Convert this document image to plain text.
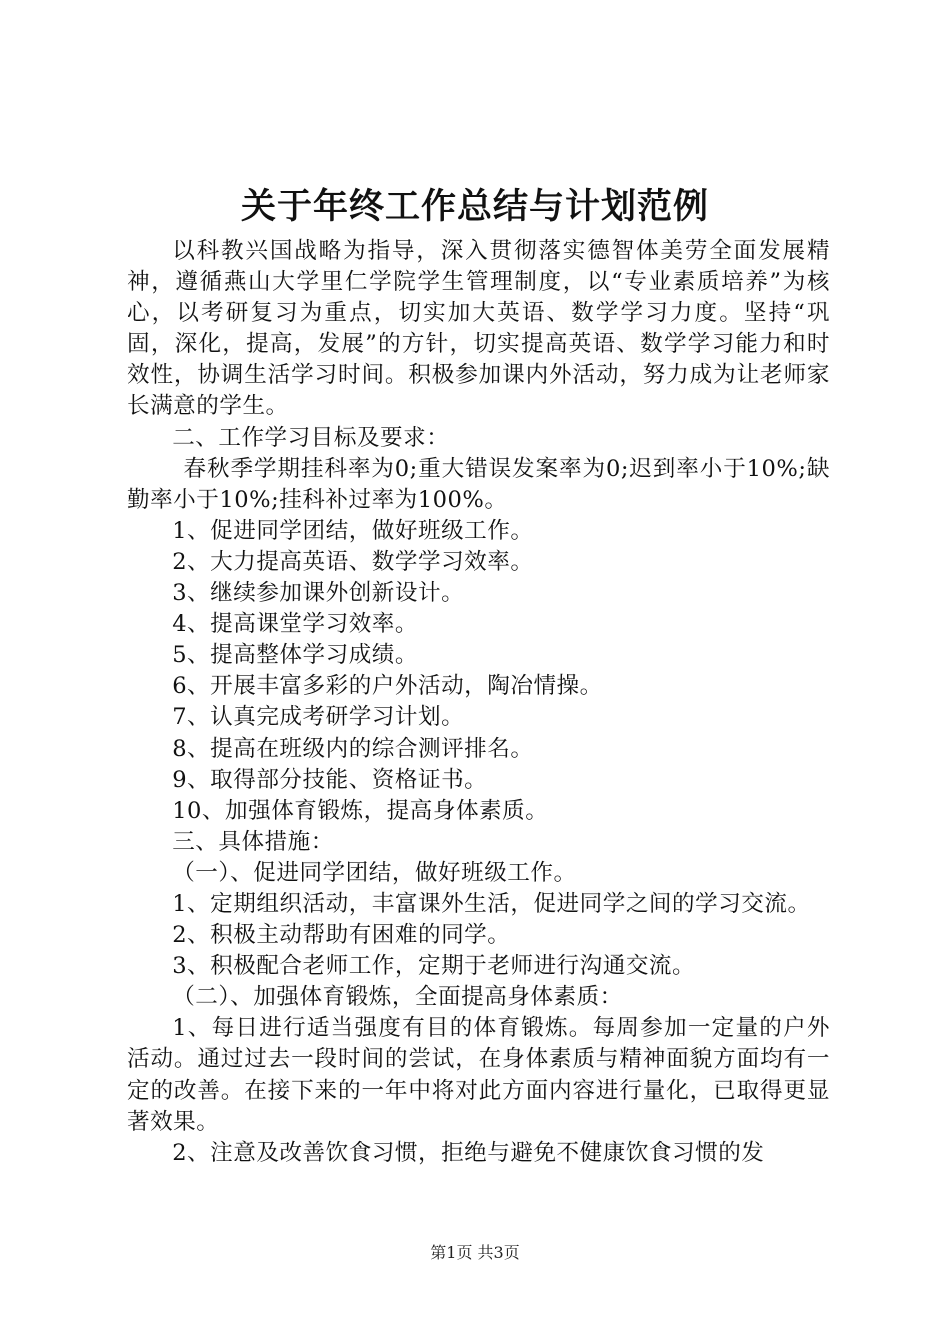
关于年终工作总结与计划范例

以科教兴国战略为指导，深入贯彻落实德智体美劳全面发展精神，遵循燕山大学里仁学院学生管理制度，以“专业素质培养”为核心，以考研复习为重点，切实加大英语、数学学习力度。坚持“巩固，深化，提高，发展”的方针，切实提高英语、数学学习能力和时效性，协调生活学习时间。积极参加课内外活动，努力成为让老师家长满意的学生。

二、工作学习目标及要求：

春秋季学期挂科率为0;重大错误发案率为0;迟到率小于10%;缺勤率小于10%;挂科补过率为100%。

1、促进同学团结，做好班级工作。

2、大力提高英语、数学学习效率。

3、继续参加课外创新设计。

4、提高课堂学习效率。

5、提高整体学习成绩。

6、开展丰富多彩的户外活动，陶冶情操。

7、认真完成考研学习计划。

8、提高在班级内的综合测评排名。

9、取得部分技能、资格证书。

10、加强体育锻炼，提高身体素质。

三、具体措施：

（一）、促进同学团结，做好班级工作。

1、定期组织活动，丰富课外生活，促进同学之间的学习交流。

2、积极主动帮助有困难的同学。

3、积极配合老师工作，定期于老师进行沟通交流。

（二）、加强体育锻炼，全面提高身体素质：

1、每日进行适当强度有目的体育锻炼。每周参加一定量的户外活动。通过过去一段时间的尝试，在身体素质与精神面貌方面均有一定的改善。在接下来的一年中将对此方面内容进行量化，已取得更显著效果。

2、注意及改善饮食习惯，拒绝与避免不健康饮食习惯的发

第1页 共3页
